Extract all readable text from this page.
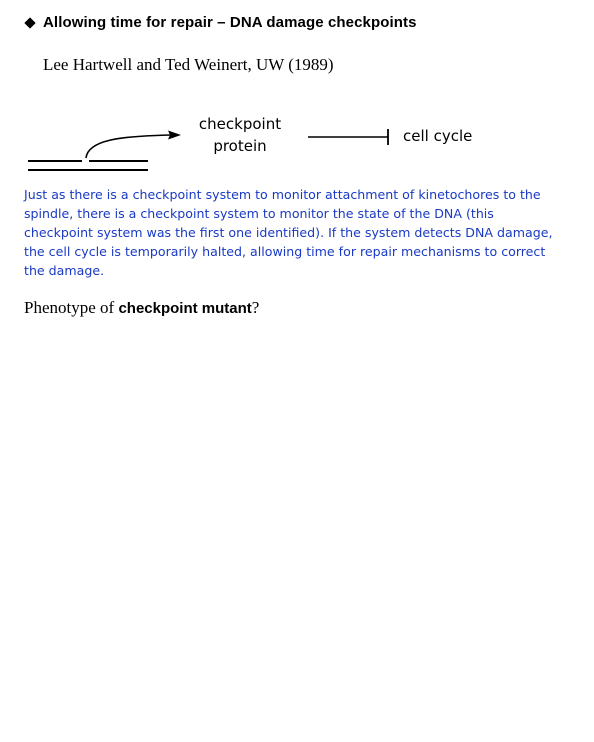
Allowing time for repair – DNA damage checkpoints
Lee Hartwell and Ted Weinert, UW (1989)
checkpoint
protein
cell cycle
Just as there is a checkpoint system to monitor attachment of kinetochores to the
spindle, there is a checkpoint system to monitor the state of the DNA (this
checkpoint system was the first one identified). If the system detects DNA damage,
the cell cycle is temporarily halted, allowing time for repair mechanisms to correct
the damage.
Phenotype of checkpoint mutant?
